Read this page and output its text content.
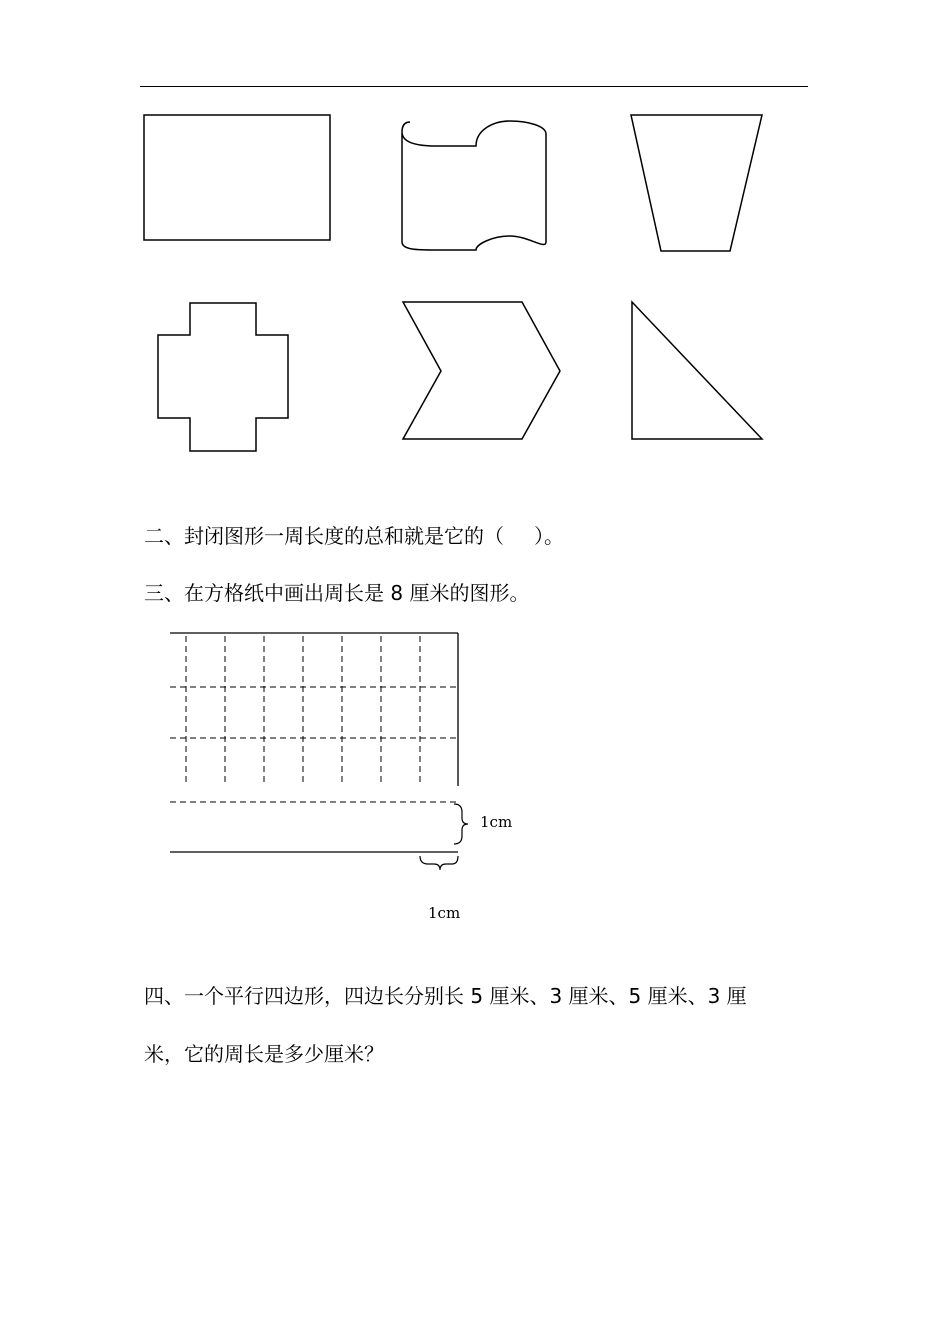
二、封闭图形一周长度的总和就是它的（ ）。
三、在方格纸中画出周长是 8 厘米的图形。
1cm
1cm
四、一个平行四边形，四边长分别长 5 厘米、3 厘米、5 厘米、3 厘
米，它的周长是多少厘米？
